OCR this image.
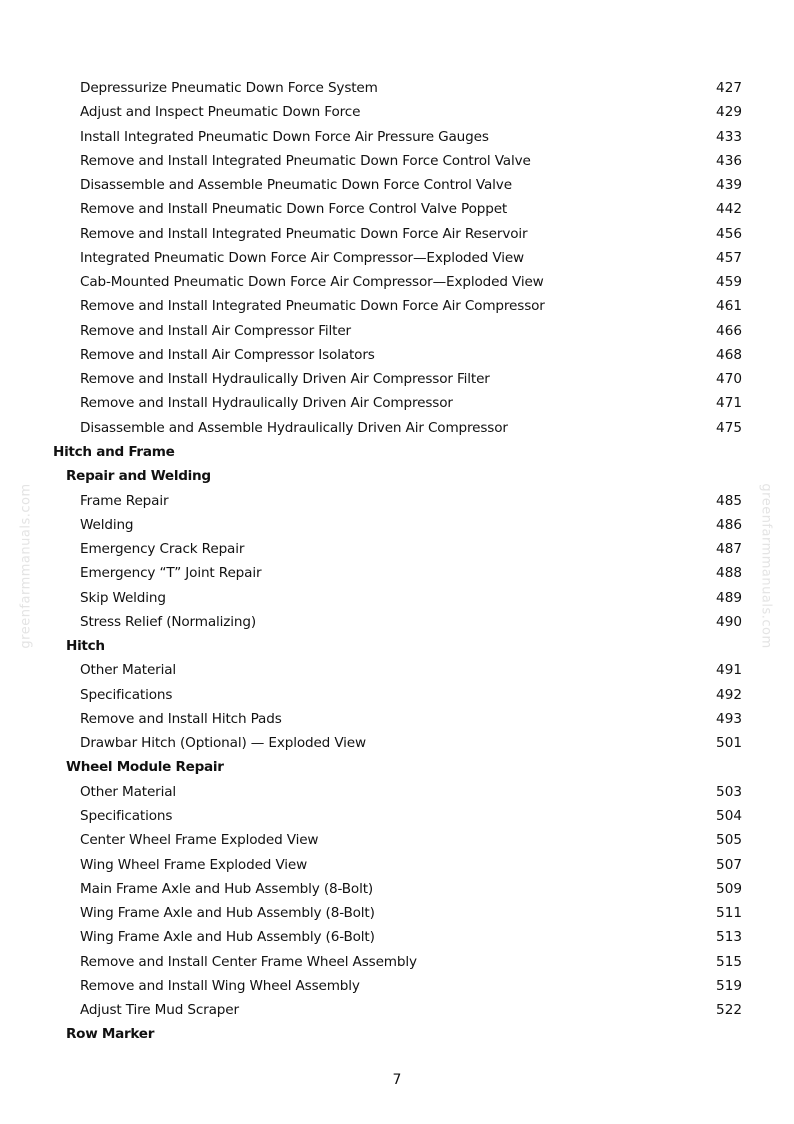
greenfarmmanuals.com	greenfarmmanuals.com
Depressurize Pneumatic Down Force System	427
Adjust and Inspect Pneumatic Down Force	429
Install Integrated Pneumatic Down Force Air Pressure Gauges	433
Remove and Install Integrated Pneumatic Down Force Control Valve	436
Disassemble and Assemble Pneumatic Down Force Control Valve	439
Remove and Install Pneumatic Down Force Control Valve Poppet	442
Remove and Install Integrated Pneumatic Down Force Air Reservoir	456
Integrated Pneumatic Down Force Air Compressor—Exploded View	457
Cab-Mounted Pneumatic Down Force Air Compressor—Exploded View	459
Remove and Install Integrated Pneumatic Down Force Air Compressor	461
Remove and Install Air Compressor Filter	466
Remove and Install Air Compressor Isolators	468
Remove and Install Hydraulically Driven Air Compressor Filter	470
Remove and Install Hydraulically Driven Air Compressor	471
Disassemble and Assemble Hydraulically Driven Air Compressor	475
Hitch and Frame
Repair and Welding
Frame Repair	485
Welding	486
Emergency Crack Repair	487
Emergency “T” Joint Repair	488
Skip Welding	489
Stress Relief (Normalizing)	490
Hitch
Other Material	491
Specifications	492
Remove and Install Hitch Pads	493
Drawbar Hitch (Optional) — Exploded View	501
Wheel Module Repair
Other Material	503
Specifications	504
Center Wheel Frame Exploded View	505
Wing Wheel Frame Exploded View	507
Main Frame Axle and Hub Assembly (8-Bolt)	509
Wing Frame Axle and Hub Assembly (8-Bolt)	511
Wing Frame Axle and Hub Assembly (6-Bolt)	513
Remove and Install Center Frame Wheel Assembly	515
Remove and Install Wing Wheel Assembly	519
Adjust Tire Mud Scraper	522
Row Marker
7
